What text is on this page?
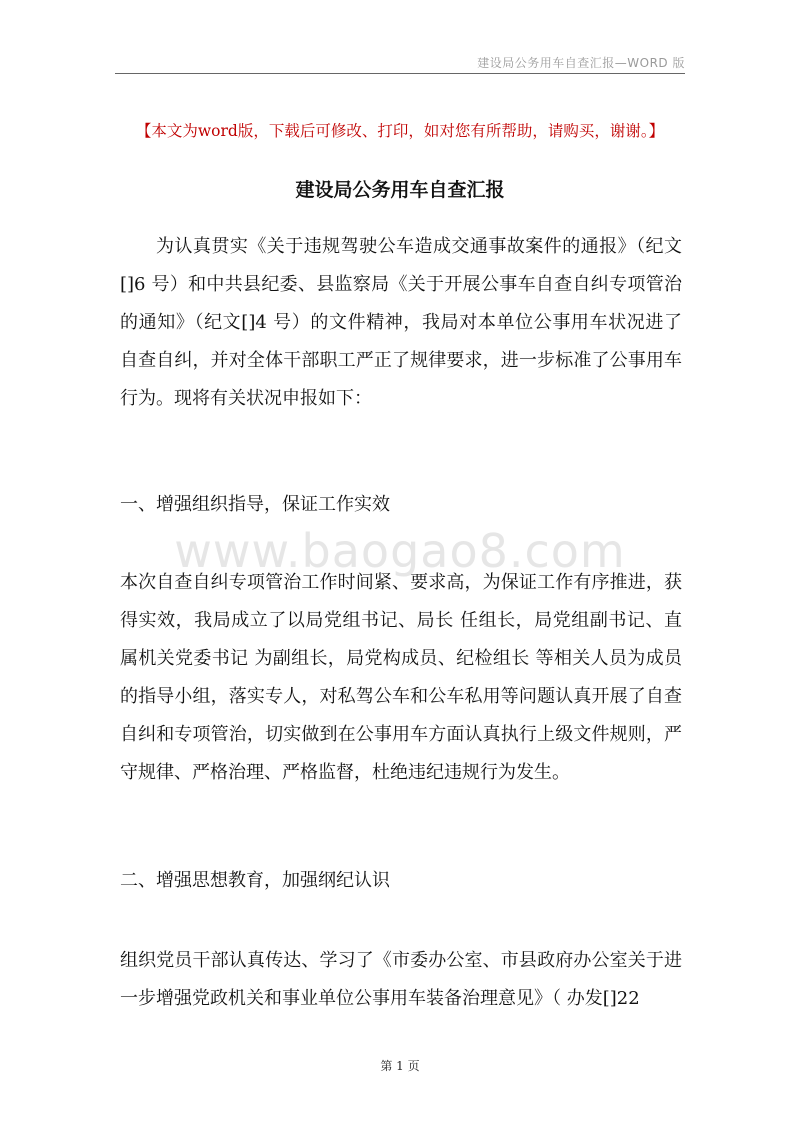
建设局公务用车自查汇报—WORD 版
【本文为word版，下载后可修改、打印，如对您有所帮助，请购买，谢谢。】
建设局公务用车自查汇报
为认真贯实《关于违规驾驶公车造成交通事故案件的通报》（纪文[]6 号）和中共县纪委、县监察局《关于开展公事车自查自纠专项管治的通知》（纪文[]4 号）的文件精神，我局对本单位公事用车状况进了自查自纠，并对全体干部职工严正了规律要求，进一步标准了公事用车行为。现将有关状况申报如下：
一、增强组织指导，保证工作实效
www.baogao8.com
本次自查自纠专项管治工作时间紧、要求高，为保证工作有序推进，获得实效，我局成立了以局党组书记、局长 任组长，局党组副书记、直属机关党委书记 为副组长，局党构成员、纪检组长 等相关人员为成员的指导小组，落实专人，对私驾公车和公车私用等问题认真开展了自查自纠和专项管治，切实做到在公事用车方面认真执行上级文件规则，严守规律、严格治理、严格监督，杜绝违纪违规行为发生。
二、增强思想教育，加强纲纪认识
组织党员干部认真传达、学习了《市委办公室、市县政府办公室关于进一步增强党政机关和事业单位公事用车装备治理意见》（ 办发[]22
第 1 页
